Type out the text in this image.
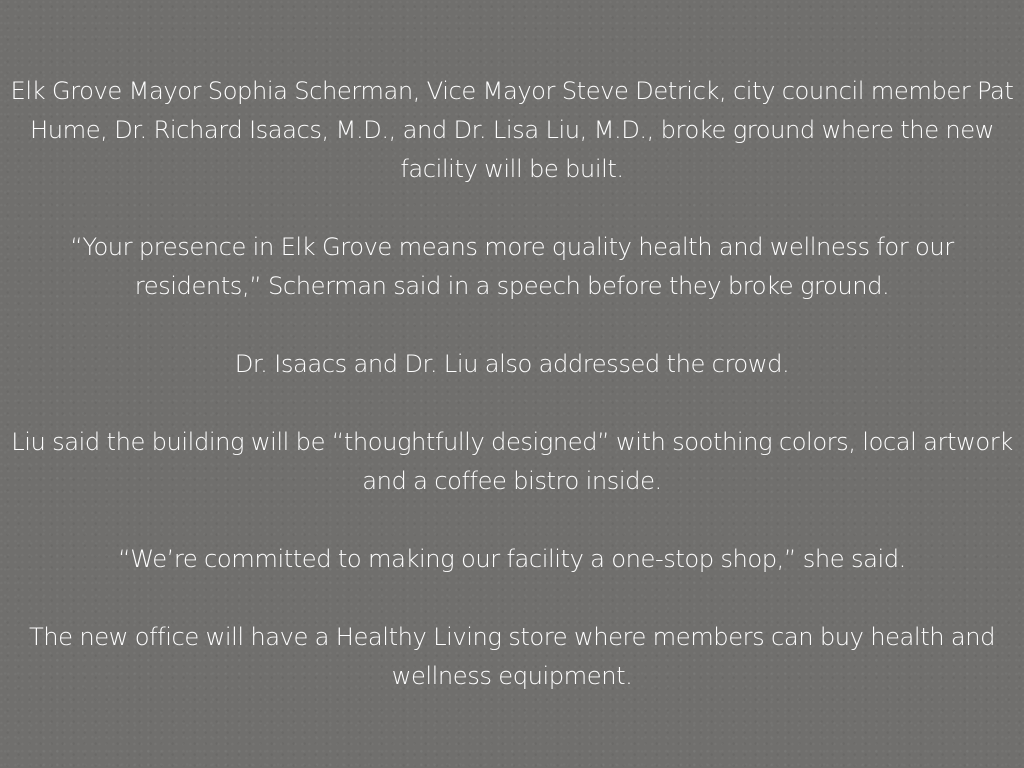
Elk Grove Mayor Sophia Scherman, Vice Mayor Steve Detrick, city council member Pat Hume, Dr. Richard Isaacs, M.D., and Dr. Lisa Liu, M.D., broke ground where the new facility will be built.

“Your presence in Elk Grove means more quality health and wellness for our residents,” Scherman said in a speech before they broke ground.

Dr. Isaacs and Dr. Liu also addressed the crowd.

Liu said the building will be “thoughtfully designed” with soothing colors, local artwork and a coffee bistro inside.

“We’re committed to making our facility a one-stop shop,” she said.

The new office will have a Healthy Living store where members can buy health and wellness equipment.
